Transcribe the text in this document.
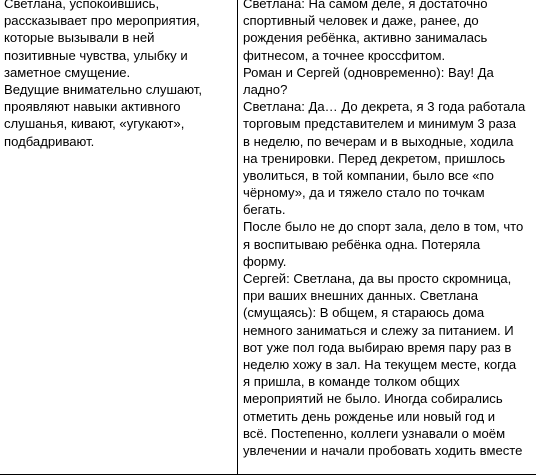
Светлана, успокоившись,
рассказывает про мероприятия,
которые вызывали в ней
позитивные чувства, улыбку и
заметное смущение.
Ведущие внимательно слушают,
проявляют навыки активного
слушанья, кивают, «угукают»,
подбадривают.

Светлана: На самом деле, я достаточно
спортивный человек и даже, ранее, до
рождения ребёнка, активно занималась
фитнесом, а точнее кроссфитом.
Роман и Сергей (одновременно): Вау! Да
ладно?
Светлана: Да… До декрета, я 3 года работала
торговым представителем и минимум 3 раза
в неделю, по вечерам и в выходные, ходила
на тренировки. Перед декретом, пришлось
уволиться, в той компании, было все «по
чёрному», да и тяжело стало по точкам
бегать.
После было не до спорт зала, дело в том, что
я воспитываю ребёнка одна. Потеряла
форму.
Сергей: Светлана, да вы просто скромница,
при ваших внешних данных. Светлана
(смущаясь): В общем, я стараюсь дома
немного заниматься и слежу за питанием. И
вот уже пол года выбираю время пару раз в
неделю хожу в зал. На текущем месте, когда
я пришла, в команде толком общих
мероприятий не было. Иногда собирались
отметить день рожденье или новый год и
всё. Постепенно, коллеги узнавали о моём
увлечении и начали пробовать ходить вместе
